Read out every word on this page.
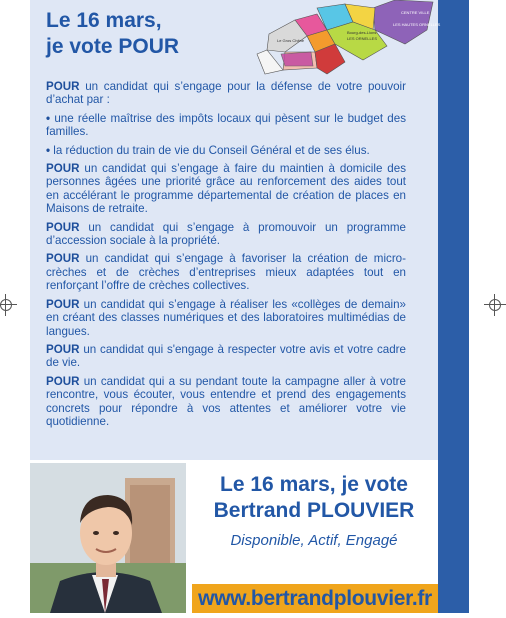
Le 16 mars,
je vote POUR
CENTRE VILLE
LES HAUTES ORNELLES
Bourg-des-Lions
LES ORNELLES
Le Gros Chêne

POUR un candidat qui s’engage pour la défense de votre pouvoir d’achat par :

• une réelle maîtrise des impôts locaux qui pèsent sur le budget des familles.

• la réduction du train de vie du Conseil Général et de ses élus.

POUR un candidat qui s’engage à faire du maintien à domicile des personnes âgées une priorité grâce au renforcement des aides tout en accélérant le programme départemental de création de places en Maisons de retraite.

POUR un candidat qui s’engage à promouvoir un programme d’accession sociale à la propriété.

POUR un candidat qui s’engage à favoriser la création de micro-crèches et de crèches d’entreprises mieux adaptées tout en renforçant l’offre de crèches collectives.

POUR un candidat qui s’engage à réaliser les «collèges de demain» en créant des classes numériques et des laboratoires multimédias de langues.

POUR un candidat qui s'engage à respecter votre avis et votre cadre de vie.

POUR un candidat qui a su pendant toute la campagne aller à votre rencontre, vous écouter, vous entendre et prend des engagements concrets pour répondre à vos attentes et améliorer votre vie quotidienne.

Le 16 mars, je vote
Bertrand PLOUVIER

Disponible, Actif, Engagé

www.bertrandplouvier.fr
